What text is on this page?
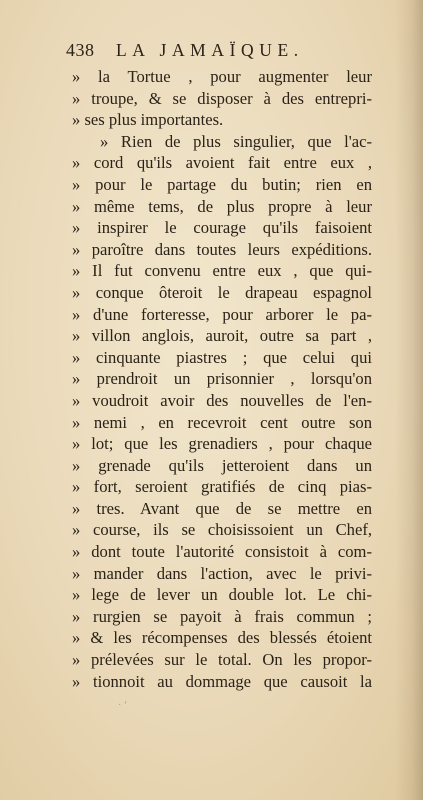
438 LA JAMAÏQUE.
» la Tortue , pour augmenter leur
» troupe, & se disposer à des entrepri-
» ses plus importantes.
» Rien de plus singulier, que l'ac-
» cord qu'ils avoient fait entre eux ,
» pour le partage du butin; rien en
» même tems, de plus propre à leur
» inspirer le courage qu'ils faisoient
» paroître dans toutes leurs expéditions.
» Il fut convenu entre eux , que qui-
» conque ôteroit le drapeau espagnol
» d'une forteresse, pour arborer le pa-
» villon anglois, auroit, outre sa part ,
» cinquante piastres ; que celui qui
» prendroit un prisonnier , lorsqu'on
» voudroit avoir des nouvelles de l'en-
» nemi , en recevroit cent outre son
» lot; que les grenadiers , pour chaque
» grenade qu'ils jetteroient dans un
» fort, seroient gratifiés de cinq pias-
» tres. Avant que de se mettre en
» course, ils se choisissoient un Chef,
» dont toute l'autorité consistoit à com-
» mander dans l'action, avec le privi-
» lege de lever un double lot. Le chi-
» rurgien se payoit à frais commun ;
» & les récompenses des blessés étoient
» prélevées sur le total. On les propor-
» tionnoit au dommage que causoit la
· ‘
